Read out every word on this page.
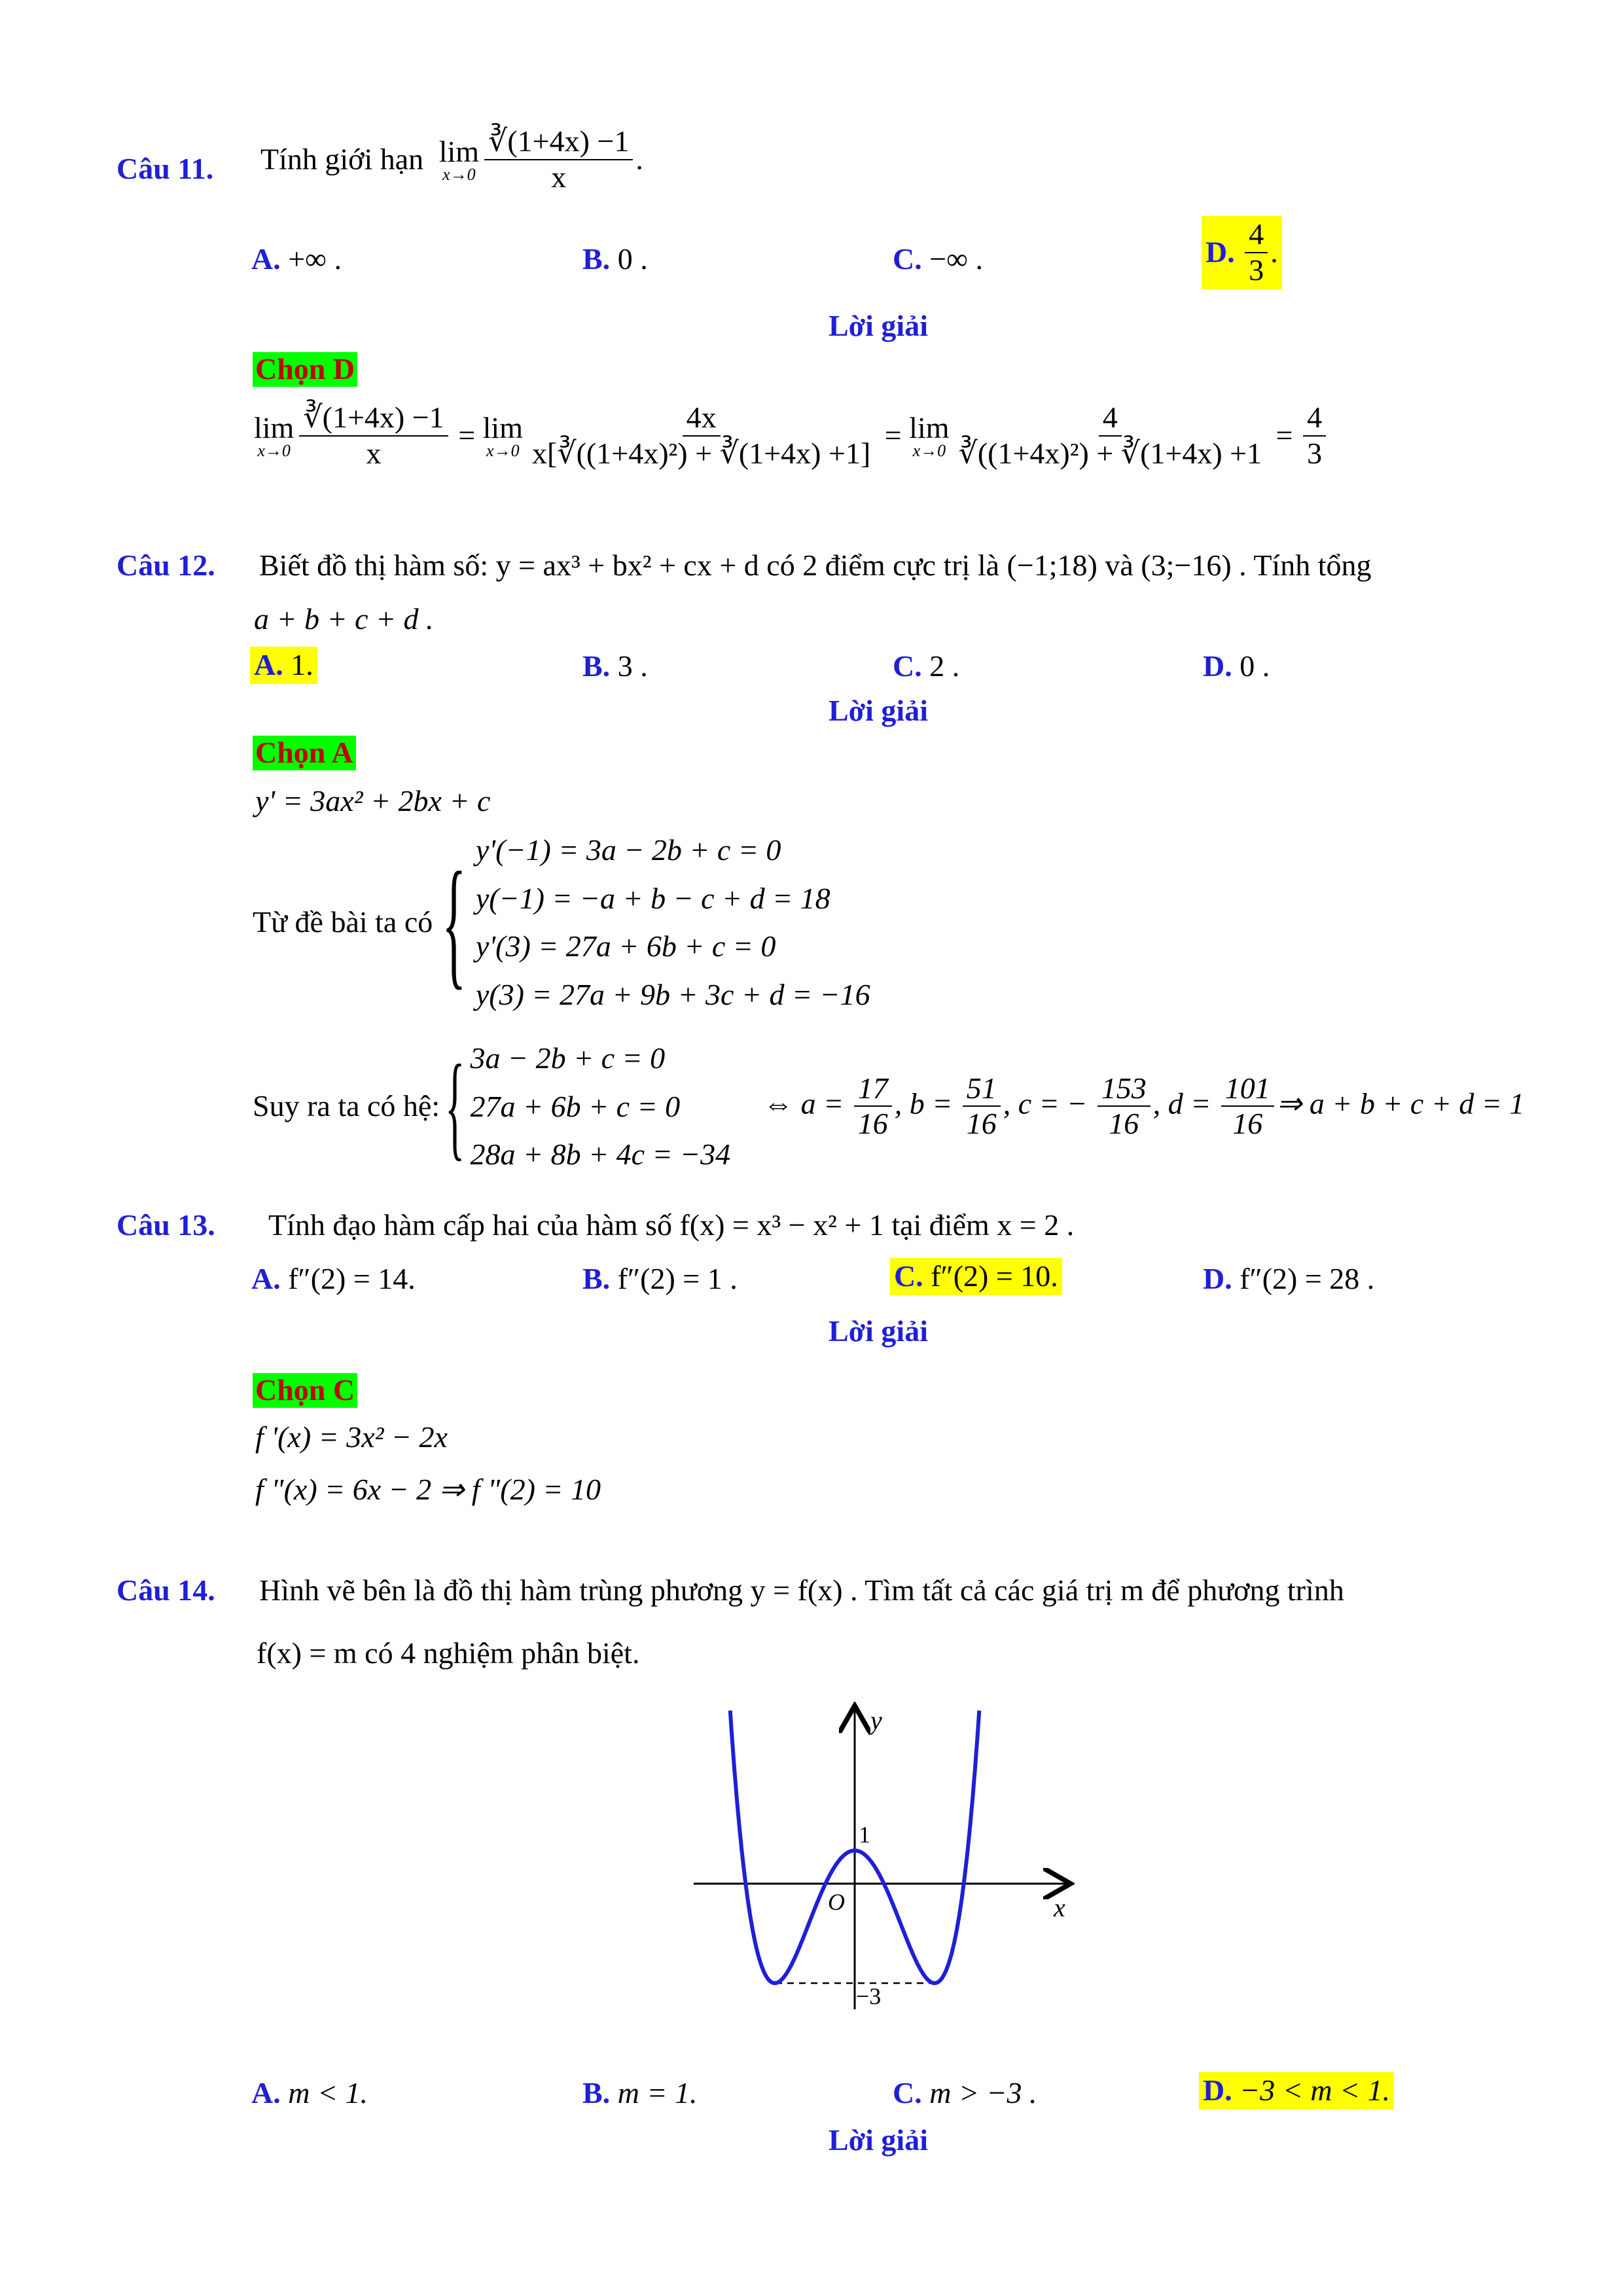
Câu 11. Tính giới hạn lim
$x\to 0 \frac{∛(1+4x) -1}{x}$ .
A. +∞ .	B. 0 .	C. −∞ .	D. $\frac{4}{3}$ .
Lời giải
Chọn D
lim
$x\to 0 \frac{∛(1+4x) -1}{x} = \lim$
$x\to 0 \frac{4x}{\text{x[∛((1+4x)²) + ∛(1+4x) +1]}} = \lim$
$x\to 0 \frac{4}{\text{∛((1+4x)²) + ∛(1+4x) +1}} = \frac{4}{3}$
Câu 12. Biết đồ thị hàm số: y = ax³ + bx² + cx + d có 2 điểm cực trị là (−1;18) và (3;−16) . Tính tổng
a + b + c + d .
A. 1.	B. 3 .	C. 2 .	D. 0 .
Lời giải
Chọn A
y' = 3ax² + 2bx + c
Từ đề bài ta có { y'(−1) = 3a − 2b + c = 0
y(−1) = −a + b − c + d = 18
y'(3) = 27a + 6b + c = 0
y(3) = 27a + 9b + 3c + d = −16
Suy ra ta có hệ: { 3a − 2b + c = 0
27a + 6b + c = 0
28a + 8b + 4c = −34
⇔ $a = \frac{17}{16}$ , $b = \frac{51}{16}$ , c = − $\frac{153}{16}$ , $d = \frac{101}{16}$ ⇒ a + b + c + d = 1
Câu 13. Tính đạo hàm cấp hai của hàm số f(x) = x³ − x² + 1 tại điểm x = 2 .
A. f″(2) = 14.	B. f″(2) = 1 .	C. f″(2) = 10.	D. f″(2) = 28 .
Lời giải
Chọn C
f '(x) = 3x² − 2x
f "(x) = 6x − 2 ⇒ f "(2) = 10
Câu 14. Hình vẽ bên là đồ thị hàm trùng phương y = f(x) . Tìm tất cả các giá trị m để phương trình
f(x) = m có 4 nghiệm phân biệt.
y
x
O
1
−3
A. m < 1.	B. m = 1.	C. m > −3 .	D. −3 < m < 1.
Lời giải
